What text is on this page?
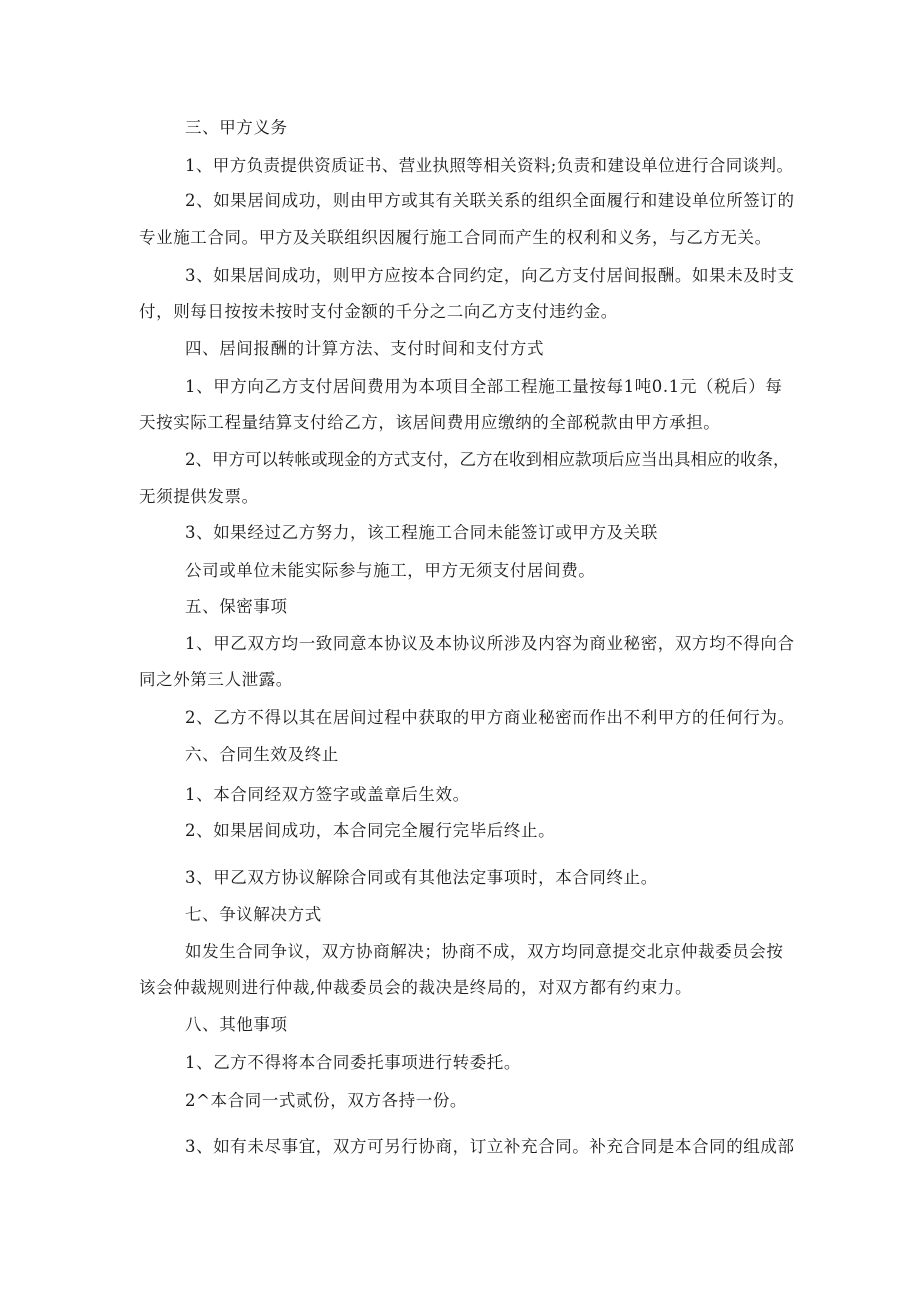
三、甲方义务
1、甲方负责提供资质证书、营业执照等相关资料;负责和建设单位进行合同谈判。
2、如果居间成功，则由甲方或其有关联关系的组织全面履行和建设单位所签订的
专业施工合同。甲方及关联组织因履行施工合同而产生的权利和义务，与乙方无关。
3、如果居间成功，则甲方应按本合同约定，向乙方支付居间报酬。如果未及时支
付，则每日按按未按时支付金额的千分之二向乙方支付违约金。
四、居间报酬的计算方法、支付时间和支付方式
1、甲方向乙方支付居间费用为本项目全部工程施工量按每1吨0.1元（税后）每
天按实际工程量结算支付给乙方，该居间费用应缴纳的全部税款由甲方承担。
2、甲方可以转帐或现金的方式支付，乙方在收到相应款项后应当出具相应的收条，
无须提供发票。
3、如果经过乙方努力，该工程施工合同未能签订或甲方及关联
公司或单位未能实际参与施工，甲方无须支付居间费。
五、保密事项
1、甲乙双方均一致同意本协议及本协议所涉及内容为商业秘密，双方均不得向合
同之外第三人泄露。
2、乙方不得以其在居间过程中获取的甲方商业秘密而作出不利甲方的任何行为。
六、合同生效及终止
1、本合同经双方签字或盖章后生效。
2、如果居间成功，本合同完全履行完毕后终止。
3、甲乙双方协议解除合同或有其他法定事项时，本合同终止。
七、争议解决方式
如发生合同争议，双方协商解决；协商不成，双方均同意提交北京仲裁委员会按
该会仲裁规则进行仲裁,仲裁委员会的裁决是终局的，对双方都有约束力。
八、其他事项
1、乙方不得将本合同委托事项进行转委托。
2^本合同一式贰份，双方各持一份。
3、如有未尽事宜，双方可另行协商，订立补充合同。补充合同是本合同的组成部
